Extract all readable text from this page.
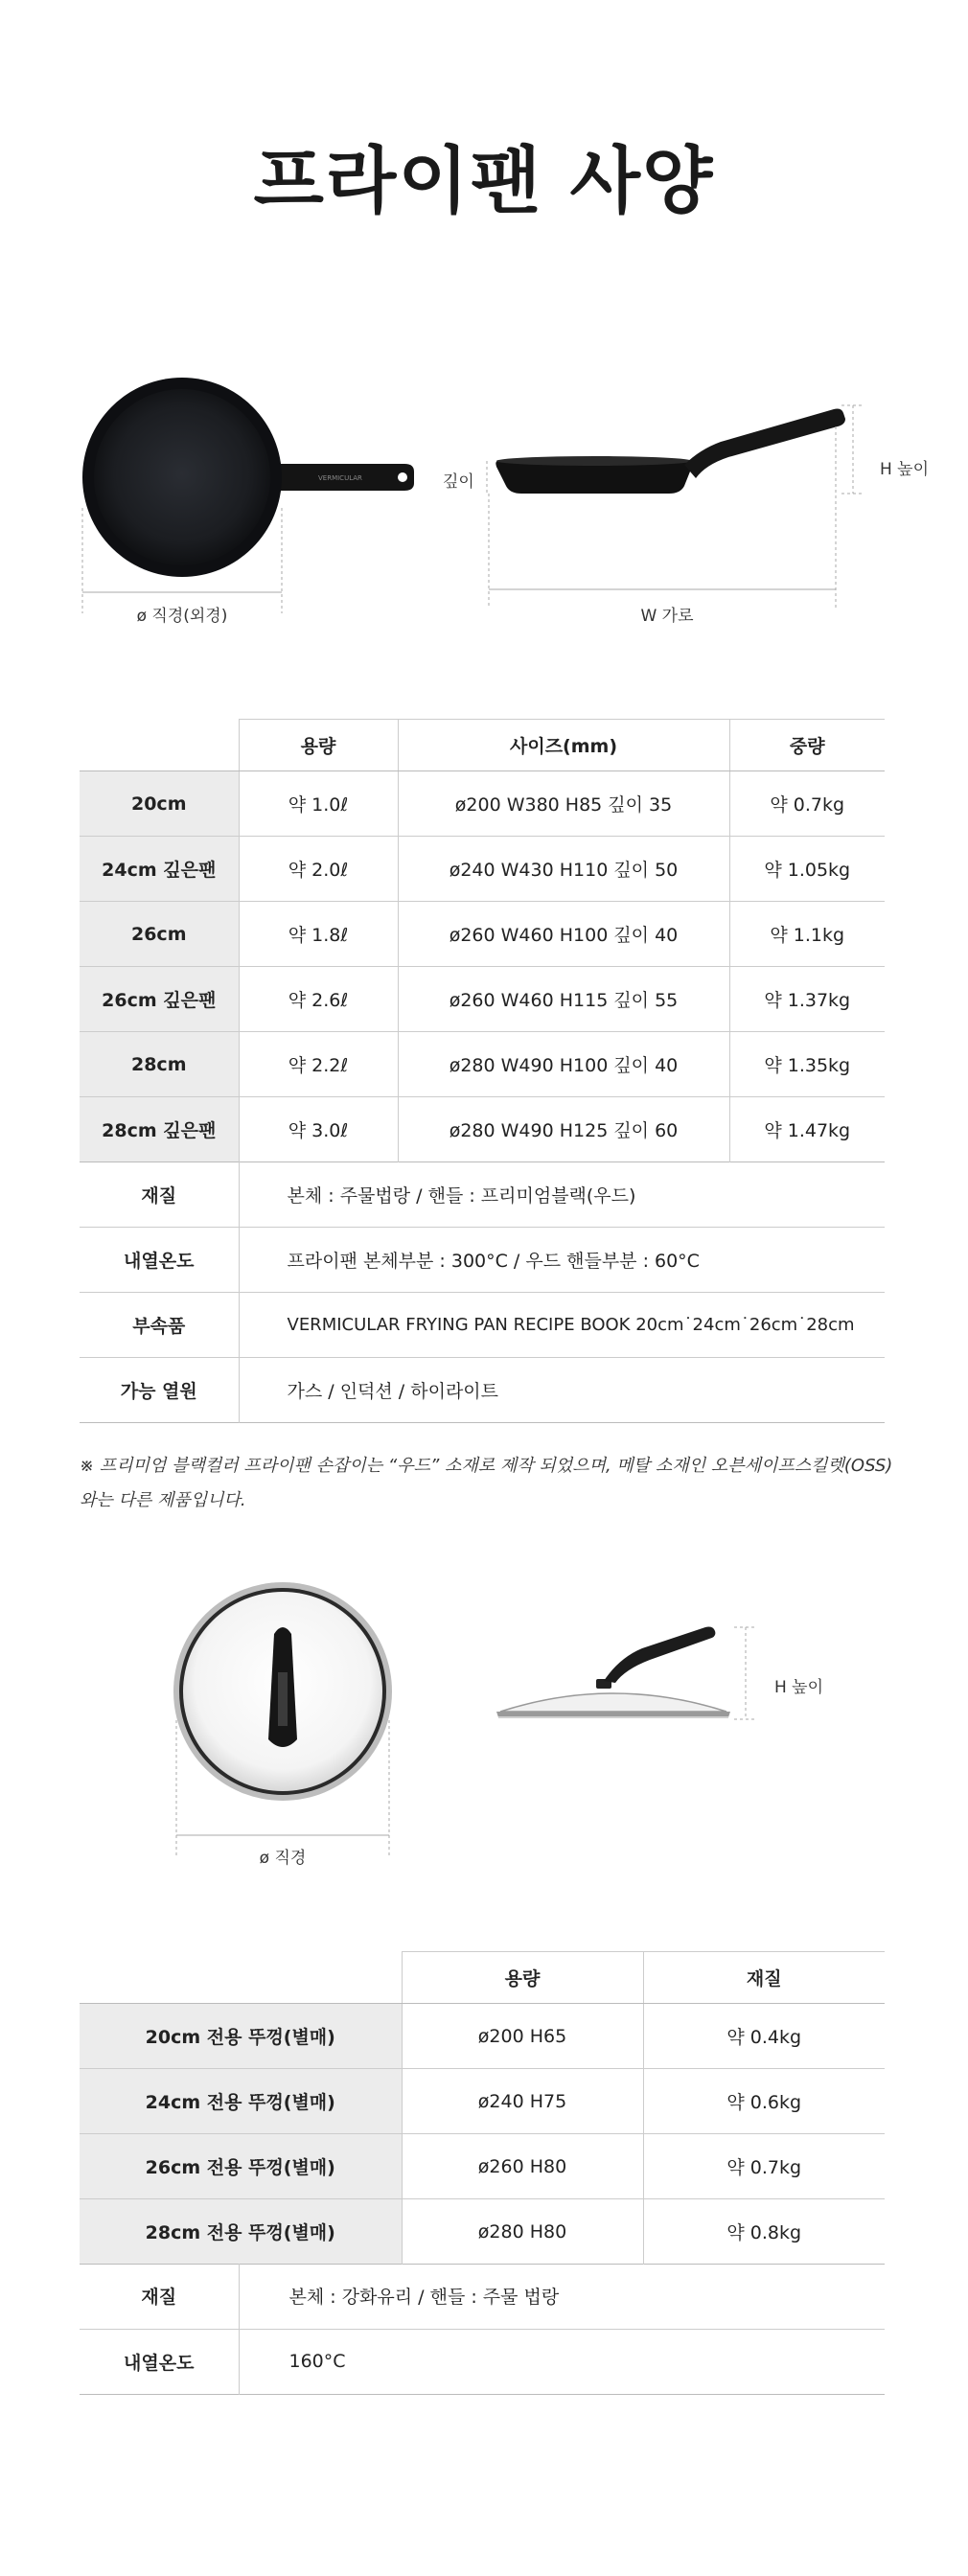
프라이팬 사양
VERMICULAR
ø 직경(외경)
깊이
H 높이
W 가로
	용량	사이즈(mm)	중량
20cm	약 1.0ℓ	ø200 W380 H85 깊이 35	약 0.7kg
24cm 깊은팬	약 2.0ℓ	ø240 W430 H110 깊이 50	약 1.05kg
26cm	약 1.8ℓ	ø260 W460 H100 깊이 40	약 1.1kg
26cm 깊은팬	약 2.6ℓ	ø260 W460 H115 깊이 55	약 1.37kg
28cm	약 2.2ℓ	ø280 W490 H100 깊이 40	약 1.35kg
28cm 깊은팬	약 3.0ℓ	ø280 W490 H125 깊이 60	약 1.47kg
재질	본체 : 주물법랑 / 핸들 : 프리미엄블랙(우드)		
내열온도	프라이팬 본체부분 : 300°C / 우드 핸들부분 : 60°C		
부속품	VERMICULAR FRYING PAN RECIPE BOOK 20cm˙24cm˙26cm˙28cm		
가능 열원	가스 / 인덕션 / 하이라이트		
※ 프리미엄 블랙컬러 프라이팬 손잡이는 “우드” 소재로 제작 되었으며, 메탈 소재인 오븐세이프스킬렛(OSS)
와는 다른 제품입니다.
ø 직경
H 높이
	용량	재질
20cm 전용 뚜껑(별매)	ø200 H65	약 0.4kg
24cm 전용 뚜껑(별매)	ø240 H75	약 0.6kg
26cm 전용 뚜껑(별매)	ø260 H80	약 0.7kg
28cm 전용 뚜껑(별매)	ø280 H80	약 0.8kg
재질	본체 : 강화유리 / 핸들 : 주물 법랑
내열온도	160°C
